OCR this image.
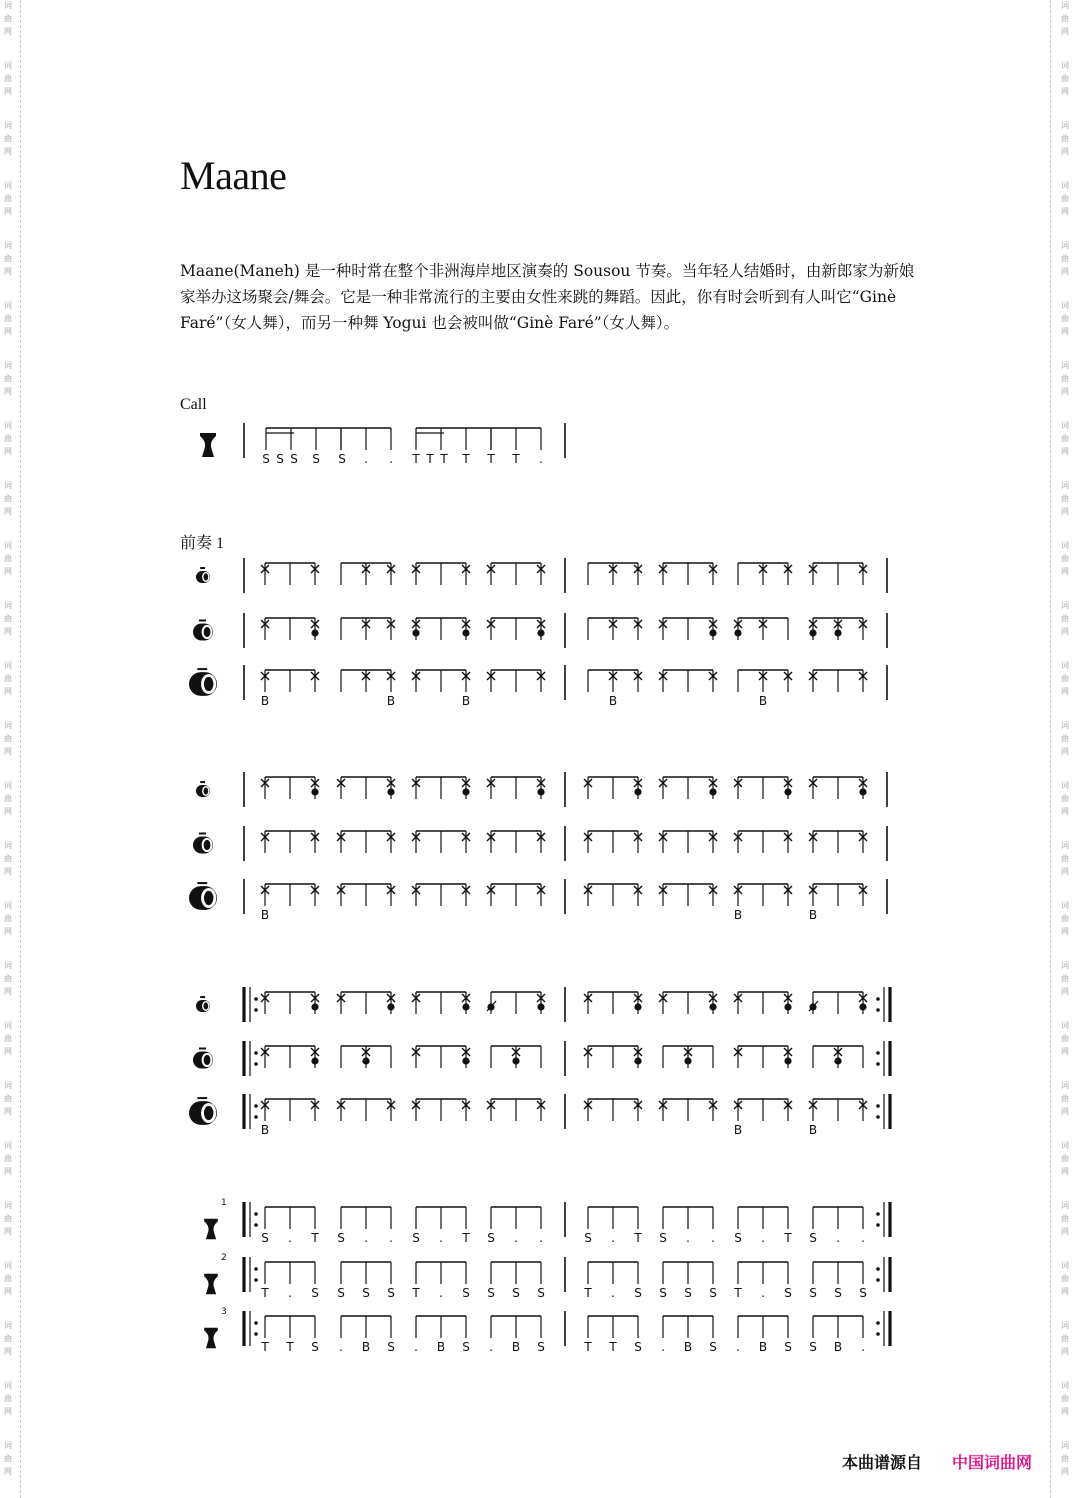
词
曲
网
词
曲
网
词
曲
网
词
曲
网
词
曲
网
词
曲
网
词
曲
网
词
曲
网
词
曲
网
词
曲
网
词
曲
网
词
曲
网
词
曲
网
词
曲
网
词
曲
网
词
曲
网
词
曲
网
词
曲
网
词
曲
网
词
曲
网
词
曲
网
词
曲
网
词
曲
网
词
曲
网
词
曲
网
词
曲
网
词
曲
网
词
曲
网
词
曲
网
词
曲
网
词
曲
网
词
曲
网
词
曲
网
词
曲
网
词
曲
网
词
曲
网
词
曲
网
词
曲
网
词
曲
网
词
曲
网
词
曲
网
词
曲
网
词
曲
网
词
曲
网
词
曲
网
词
曲
网
词
曲
网
词
曲
网
词
曲
网
词
曲
网
Maane

Maane(Maneh) 是一种时常在整个非洲海岸地区演奏的 Sousou 节奏。当年轻人结婚时，由新郎家为新娘家举办这场聚会/舞会。它是一种非常流行的主要由女性来跳的舞蹈。因此，你有时会听到有人叫它“Ginè Faré”（女人舞），而另一种舞 Yogui 也会被叫做“Ginè Faré”（女人舞）。

Call
前奏 1
S S S S S . . T T T T T T .
B	B	B	B	B
B	B	B
B	B	B
1
S . T S . . S . T S . .	S . T S . . S . T S . .
2
T . S S S S T . S S S S	T . S S S S T . S S S S
3
T T S . B S . B S . B S	T T S . B S . B S S B .
本曲谱源自 中国词曲网
